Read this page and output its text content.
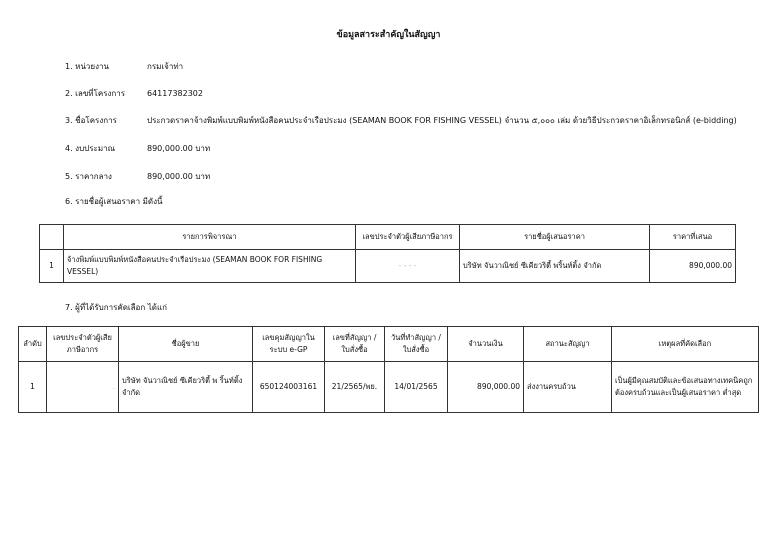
ข้อมูลสาระสำคัญในสัญญา
1. หน่วยงาน	กรมเจ้าท่า
2. เลขที่โครงการ	64117382302
3. ชื่อโครงการ	ประกวดราคาจ้างพิมพ์แบบพิมพ์หนังสือคนประจำเรือประมง (SEAMAN BOOK FOR FISHING VESSEL) จำนวน ๕,๐๐๐ เล่ม ด้วยวิธีประกวดราคาอิเล็กทรอนิกส์ (e-bidding)
4. งบประมาณ	890,000.00 บาท
5. ราคากลาง	890,000.00 บาท
6. รายชื่อผู้เสนอราคา มีดังนี้
	รายการพิจารณา	เลขประจำตัวผู้เสียภาษีอากร	รายชื่อผู้เสนอราคา	ราคาที่เสนอ
1	จ้างพิมพ์แบบพิมพ์หนังสือคนประจำเรือประมง (SEAMAN BOOK FOR FISHING VESSEL)	- - - -	บริษัท จันวาณิชย์ ซีเคียวริตี้ พริ้นท์ติ้ง จำกัด	890,000.00
7. ผู้ที่ได้รับการคัดเลือก ได้แก่
ลำดับ	เลขประจำตัวผู้เสียภาษีอากร	ชื่อผู้ขาย	เลขคุมสัญญาในระบบ e-GP	เลขที่สัญญา / ใบสั่งซื้อ	วันที่ทำสัญญา / ใบสั่งซื้อ	จำนวนเงิน	สถานะสัญญา	เหตุผลที่คัดเลือก
1	.	บริษัท จันวาณิชย์ ซีเคียวริตี้ พ ริ้นท์ติ้ง จำกัด	650124003161	21/2565/พย.	14/01/2565	890,000.00	ส่งงานครบถ้วน	เป็นผู้มีคุณสมบัติและข้อเสนอทางเทคนิคถูกต้องครบถ้วนและเป็นผู้เสนอราคา ต่ำสุด
